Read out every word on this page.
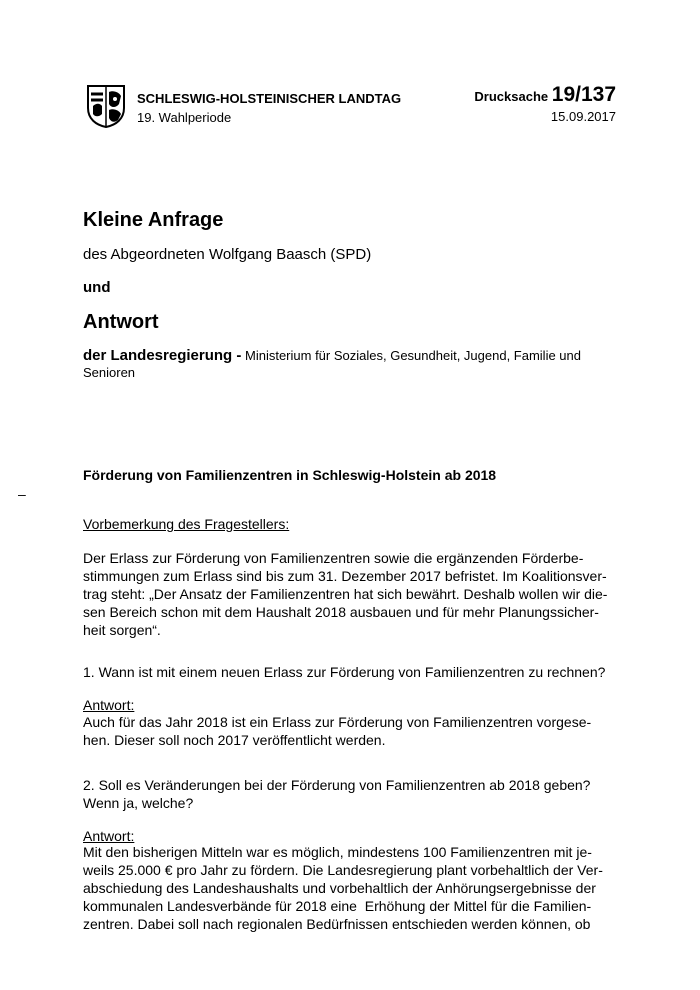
SCHLESWIG-HOLSTEINISCHER LANDTAG
19. Wahlperiode
Drucksache 19/137
15.09.2017
Kleine Anfrage
des Abgeordneten Wolfgang Baasch (SPD)
und
Antwort
der Landesregierung - Ministerium für Soziales, Gesundheit, Jugend, Familie und Senioren
Förderung von Familienzentren in Schleswig-Holstein ab 2018
–
Vorbemerkung des Fragestellers:
Der Erlass zur Förderung von Familienzentren sowie die ergänzenden Förderbe-
stimmungen zum Erlass sind bis zum 31. Dezember 2017 befristet. Im Koalitionsver-
trag steht: „Der Ansatz der Familienzentren hat sich bewährt. Deshalb wollen wir die-
sen Bereich schon mit dem Haushalt 2018 ausbauen und für mehr Planungssicher-
heit sorgen“.
1. Wann ist mit einem neuen Erlass zur Förderung von Familienzentren zu rechnen?
Antwort:
Auch für das Jahr 2018 ist ein Erlass zur Förderung von Familienzentren vorgese-
hen. Dieser soll noch 2017 veröffentlicht werden.
2. Soll es Veränderungen bei der Förderung von Familienzentren ab 2018 geben?
Wenn ja, welche?
Antwort:
Mit den bisherigen Mitteln war es möglich, mindestens 100 Familienzentren mit je-
weils 25.000 € pro Jahr zu fördern. Die Landesregierung plant vorbehaltlich der Ver-
abschiedung des Landeshaushalts und vorbehaltlich der Anhörungsergebnisse der
kommunalen Landesverbände für 2018 eine  Erhöhung der Mittel für die Familien-
zentren. Dabei soll nach regionalen Bedürfnissen entschieden werden können, ob
